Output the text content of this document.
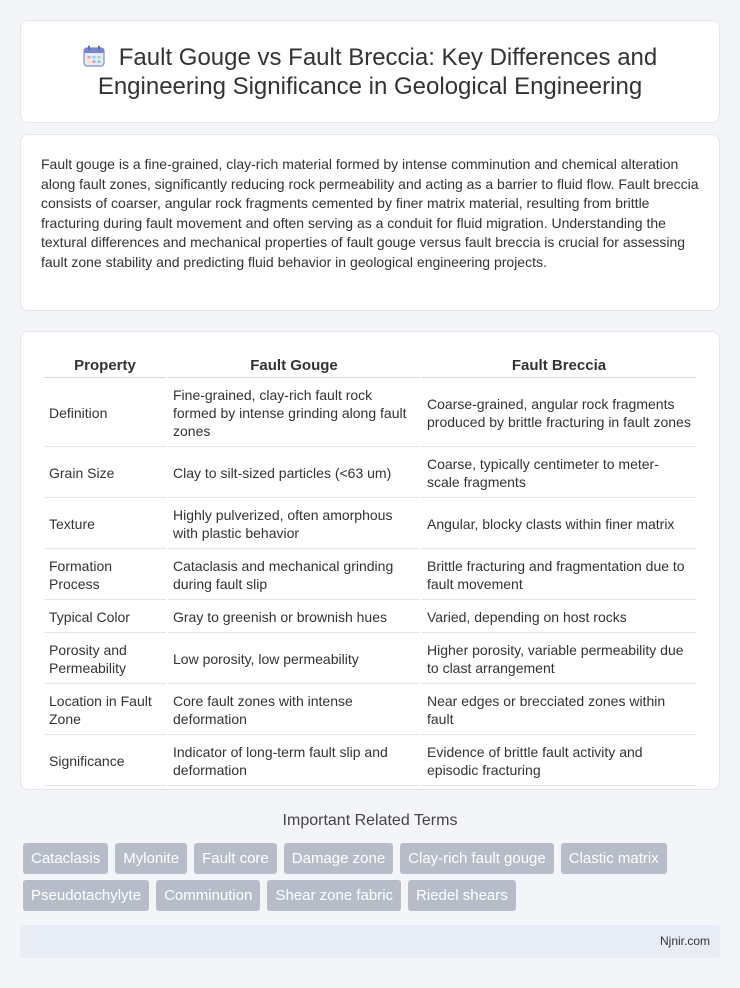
Fault Gouge vs Fault Breccia: Key Differences and Engineering Significance in Geological Engineering

Fault gouge is a fine-grained, clay-rich material formed by intense comminution and chemical alteration along fault zones, significantly reducing rock permeability and acting as a barrier to fluid flow. Fault breccia consists of coarser, angular rock fragments cemented by finer matrix material, resulting from brittle fracturing during fault movement and often serving as a conduit for fluid migration. Understanding the textural differences and mechanical properties of fault gouge versus fault breccia is crucial for assessing fault zone stability and predicting fluid behavior in geological engineering projects.

Property	Fault Gouge	Fault Breccia
Definition	Fine-grained, clay-rich fault rock formed by intense grinding along fault zones	Coarse-grained, angular rock fragments produced by brittle fracturing in fault zones
Grain Size	Clay to silt-sized particles (<63 um)	Coarse, typically centimeter to meter-scale fragments
Texture	Highly pulverized, often amorphous with plastic behavior	Angular, blocky clasts within finer matrix
Formation Process	Cataclasis and mechanical grinding during fault slip	Brittle fracturing and fragmentation due to fault movement
Typical Color	Gray to greenish or brownish hues	Varied, depending on host rocks
Porosity and Permeability	Low porosity, low permeability	Higher porosity, variable permeability due to clast arrangement
Location in Fault Zone	Core fault zones with intense deformation	Near edges or brecciated zones within fault
Significance	Indicator of long-term fault slip and deformation	Evidence of brittle fault activity and episodic fracturing
Important Related Terms
Cataclasis	Mylonite	Fault core	Damage zone	Clay-rich fault gouge	Clastic matrix
Pseudotachylyte	Comminution	Shear zone fabric	Riedel shears
Njnir.com
